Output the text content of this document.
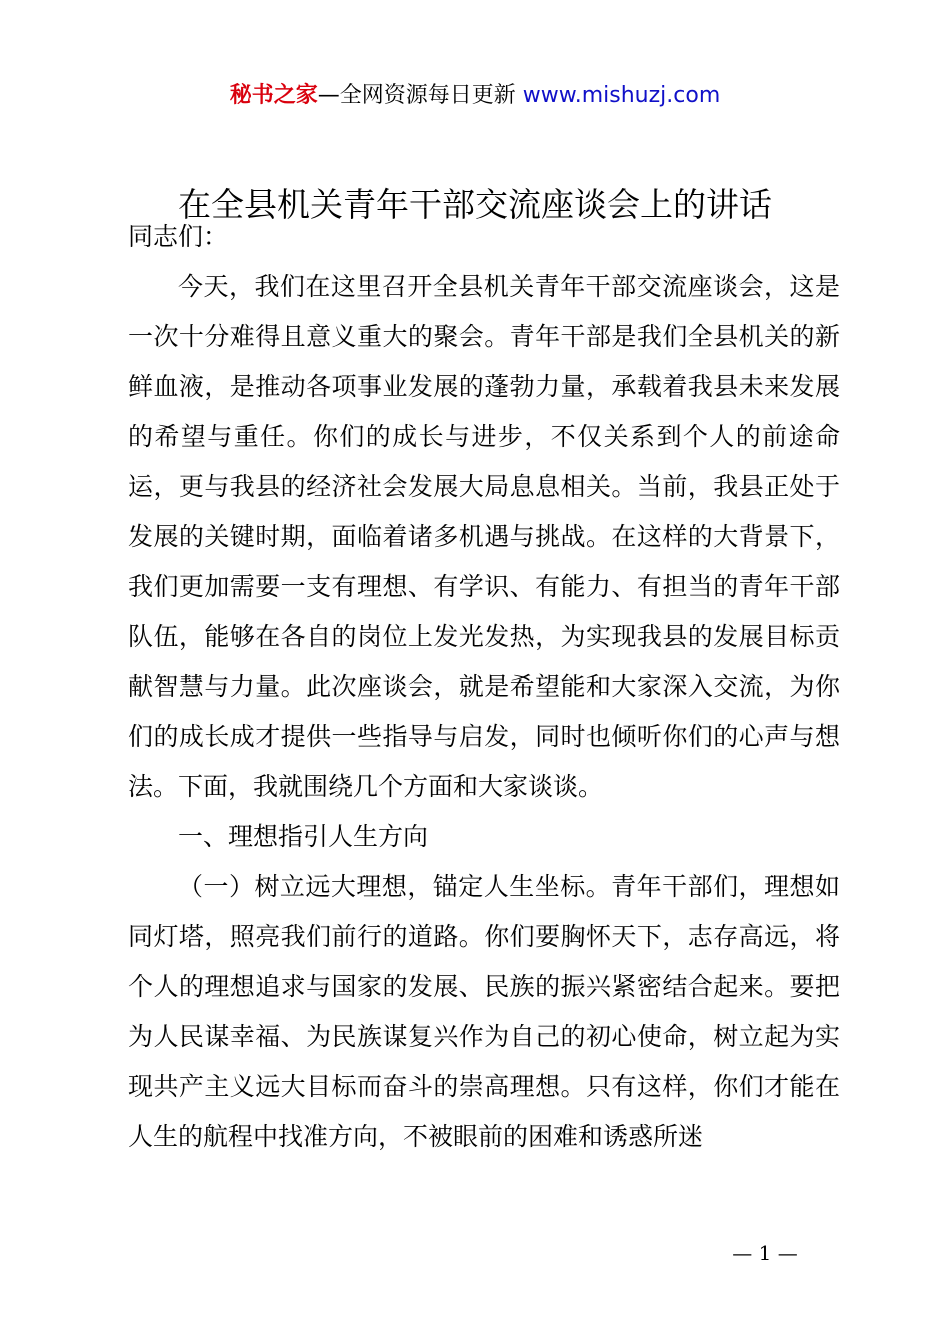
秘书之家—全网资源每日更新 www.mishuzj.com
在全县机关青年干部交流座谈会上的讲话

同志们：

今天，我们在这里召开全县机关青年干部交流座谈会，这是一次十分难得且意义重大的聚会。青年干部是我们全县机关的新鲜血液，是推动各项事业发展的蓬勃力量，承载着我县未来发展的希望与重任。你们的成长与进步，不仅关系到个人的前途命运，更与我县的经济社会发展大局息息相关。当前，我县正处于发展的关键时期，面临着诸多机遇与挑战。在这样的大背景下，我们更加需要一支有理想、有学识、有能力、有担当的青年干部队伍，能够在各自的岗位上发光发热，为实现我县的发展目标贡献智慧与力量。此次座谈会，就是希望能和大家深入交流，为你们的成长成才提供一些指导与启发，同时也倾听你们的心声与想法。下面，我就围绕几个方面和大家谈谈。

一、理想指引人生方向

（一）树立远大理想，锚定人生坐标。青年干部们，理想如同灯塔，照亮我们前行的道路。你们要胸怀天下，志存高远，将个人的理想追求与国家的发展、民族的振兴紧密结合起来。要把为人民谋幸福、为民族谋复兴作为自己的初心使命，树立起为实现共产主义远大目标而奋斗的崇高理想。只有这样，你们才能在人生的航程中找准方向，不被眼前的困难和诱惑所迷

— 1 —
